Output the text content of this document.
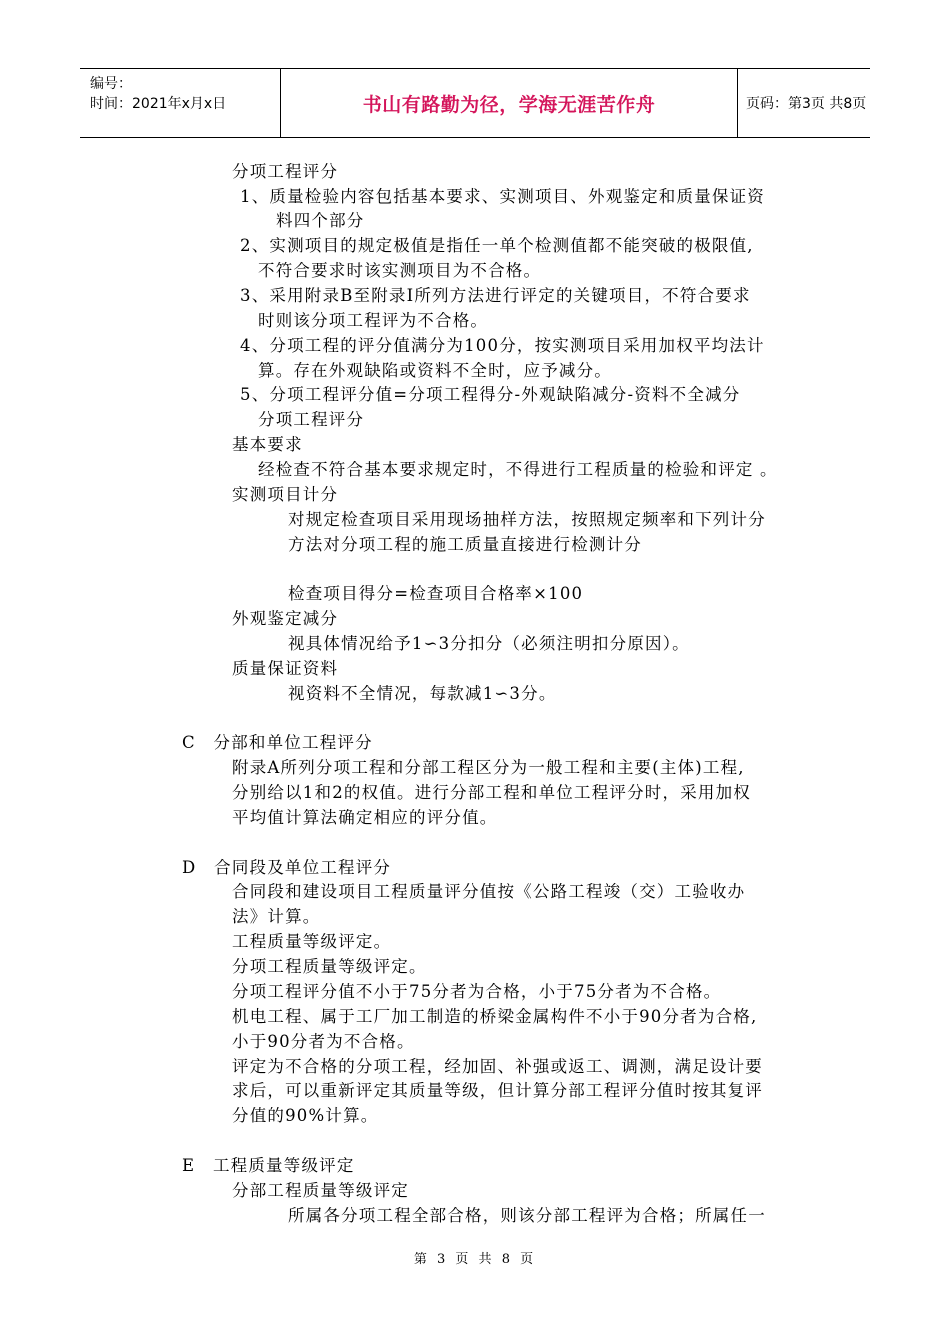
编号：
时间：2021年x月x日	书山有路勤为径，学海无涯苦作舟	页码：第3页 共8页
分项工程评分
1、质量检验内容包括基本要求、实测项目、外观鉴定和质量保证资
料四个部分
2、实测项目的规定极值是指任一单个检测值都不能突破的极限值,
不符合要求时该实测项目为不合格。
3、采用附录B至附录I所列方法进行评定的关键项目，不符合要求
时则该分项工程评为不合格。
4、分项工程的评分值满分为100分，按实测项目采用加权平均法计
算。存在外观缺陷或资料不全时，应予减分。
5、分项工程评分值=分项工程得分-外观缺陷减分-资料不全减分
分项工程评分
基本要求
经检查不符合基本要求规定时，不得进行工程质量的检验和评定 。
实测项目计分
对规定检查项目采用现场抽样方法，按照规定频率和下列计分
方法对分项工程的施工质量直接进行检测计分
检查项目得分=检查项目合格率×100
外观鉴定减分
视具体情况给予1∽3分扣分（必须注明扣分原因）。
质量保证资料
视资料不全情况，每款减1∽3分。
C　分部和单位工程评分
附录A所列分项工程和分部工程区分为一般工程和主要(主体)工程,
分别给以1和2的权值。进行分部工程和单位工程评分时，采用加权
平均值计算法确定相应的评分值。
D　合同段及单位工程评分
合同段和建设项目工程质量评分值按《公路工程竣（交）工验收办
法》计算。
工程质量等级评定。
分项工程质量等级评定。
分项工程评分值不小于75分者为合格，小于75分者为不合格。
机电工程、属于工厂加工制造的桥梁金属构件不小于90分者为合格,
小于90分者为不合格。
评定为不合格的分项工程，经加固、补强或返工、调测，满足设计要
求后，可以重新评定其质量等级，但计算分部工程评分值时按其复评
分值的90%计算。
E　工程质量等级评定
分部工程质量等级评定
所属各分项工程全部合格，则该分部工程评为合格；所属任一
第 3 页 共 8 页
